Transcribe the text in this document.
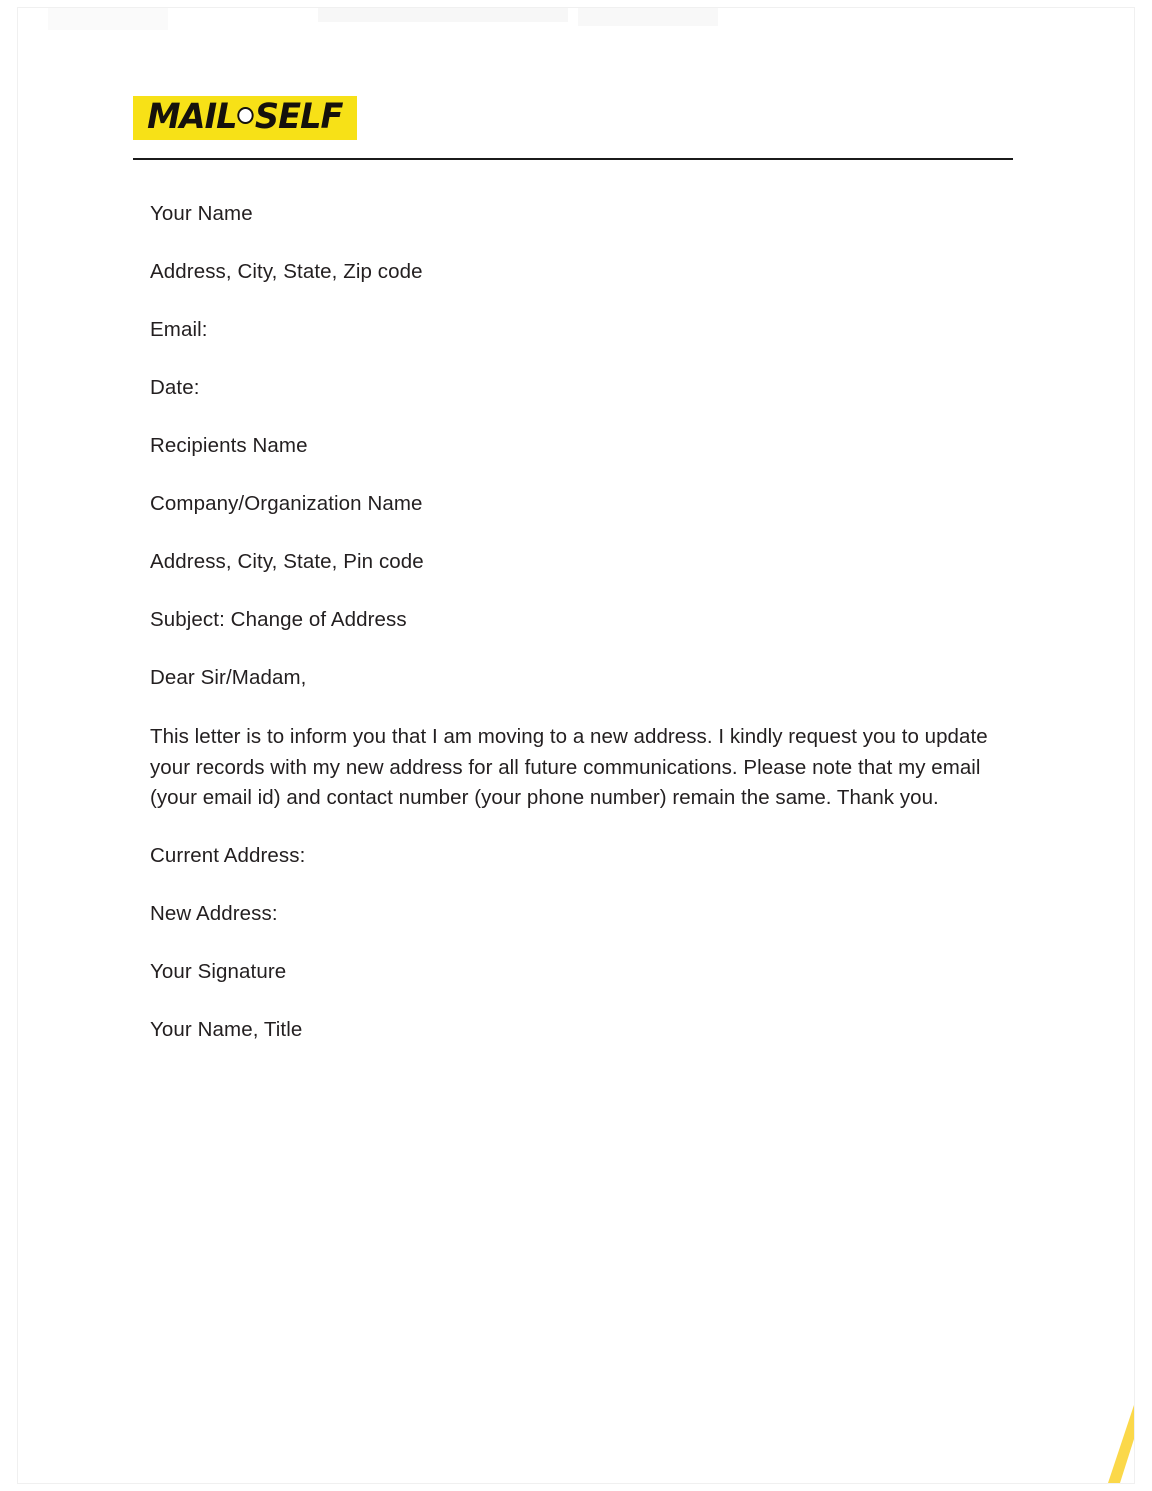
MAIL SELF

Your Name

Address, City, State, Zip code

Email:

Date:

Recipients Name

Company/Organization Name

Address, City, State, Pin code

Subject: Change of Address

Dear Sir/Madam,

This letter is to inform you that I am moving to a new address. I kindly request you to update your records with my new address for all future communications. Please note that my email (your email id) and contact number (your phone number) remain the same. Thank you.

Current Address:

New Address:

Your Signature

Your Name, Title
